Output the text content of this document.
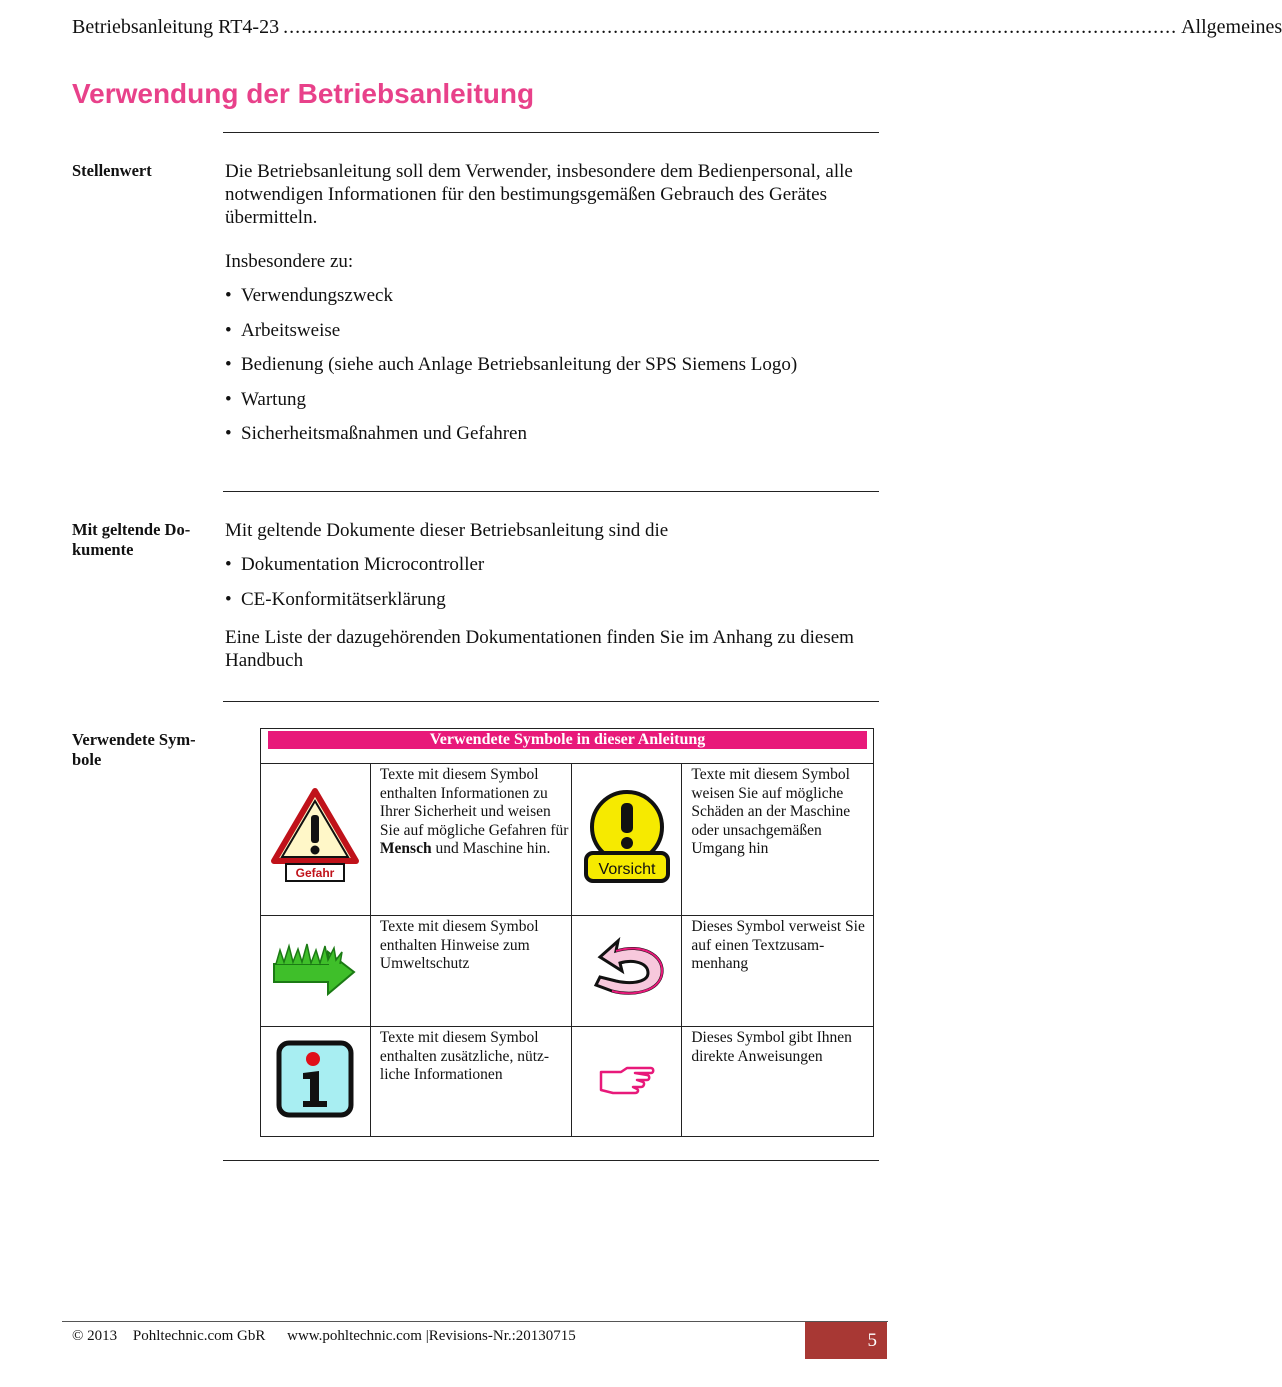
Betriebsanleitung RT4-23 ..................................................................................................................................................... Allgemeines
Verwendung der Betriebsanleitung
Stellenwert	Die Betriebsanleitung soll dem Verwender, insbesondere dem Bedienpersonal, alle notwendigen Informationen für den bestimungsgemäßen Gebrauch des Gerätes übermitteln.

Insbesondere zu:

• Verwendungszweck
• Arbeitsweise
• Bedienung (siehe auch Anlage Betriebsanleitung der SPS Siemens Logo)
• Wartung
• Sicherheitsmaßnahmen und Gefahren
Mit geltende Do-kumente

Mit geltende Dokumente dieser Betriebsanleitung sind die

• Dokumentation Microcontroller
• CE-Konformitätserklärung

Eine Liste der dazugehörenden Dokumentationen finden Sie im Anhang zu diesem Handbuch

Verwendete Sym-bole
Verwendete Symbole in dieser Anleitung			

Gefahr	Texte mit diesem Symbol enthalten Informationen zu Ihrer Sicherheit und weisen Sie auf mögliche Gefahren für Mensch und Maschine hin.	Vorsicht	Texte mit diesem Symbol weisen Sie auf mögliche Schäden an der Maschine oder unsachgemäßen Umgang hin
	Texte mit diesem Symbol enthalten Hinweise zum Umweltschutz		Dieses Symbol verweist Sie auf einen Textzusam-menhang
	Texte mit diesem Symbol enthalten zusätzliche, nütz-liche Informationen		Dieses Symbol gibt Ihnen direkte Anweisungen
© 2013 Pohltechnic.com GbR www.pohltechnic.com |Revisions-Nr.:20130715	5
